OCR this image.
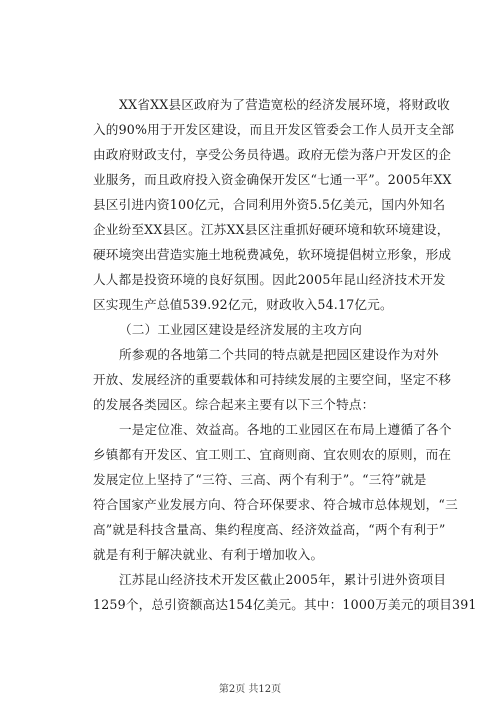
XX省XX县区政府为了营造宽松的经济发展环境，将财政收
入的90%用于开发区建设，而且开发区管委会工作人员开支全部
由政府财政支付，享受公务员待遇。政府无偿为落户开发区的企
业服务，而且政府投入资金确保开发区“七通一平”。2005年XX
县区引进内资100亿元，合同利用外资5.5亿美元，国内外知名
企业纷至XX县区。江苏XX县区注重抓好硬环境和软环境建设，
硬环境突出营造实施土地税费减免，软环境提倡树立形象，形成
人人都是投资环境的良好氛围。因此2005年昆山经济技术开发
区实现生产总值539.92亿元，财政收入54.17亿元。
（二）工业园区建设是经济发展的主攻方向
所参观的各地第二个共同的特点就是把园区建设作为对外
开放、发展经济的重要载体和可持续发展的主要空间，坚定不移
的发展各类园区。综合起来主要有以下三个特点：
一是定位准、效益高。各地的工业园区在布局上遵循了各个
乡镇都有开发区、宜工则工、宜商则商、宜农则农的原则，而在
发展定位上坚持了“三符、三高、两个有利于”。“三符”就是
符合国家产业发展方向、符合环保要求、符合城市总体规划，“三
高”就是科技含量高、集约程度高、经济效益高，“两个有利于”
就是有利于解决就业、有利于增加收入。
江苏昆山经济技术开发区截止2005年，累计引进外资项目
1259个，总引资额高达154亿美元。其中：1000万美元的项目391
第2页 共12页
